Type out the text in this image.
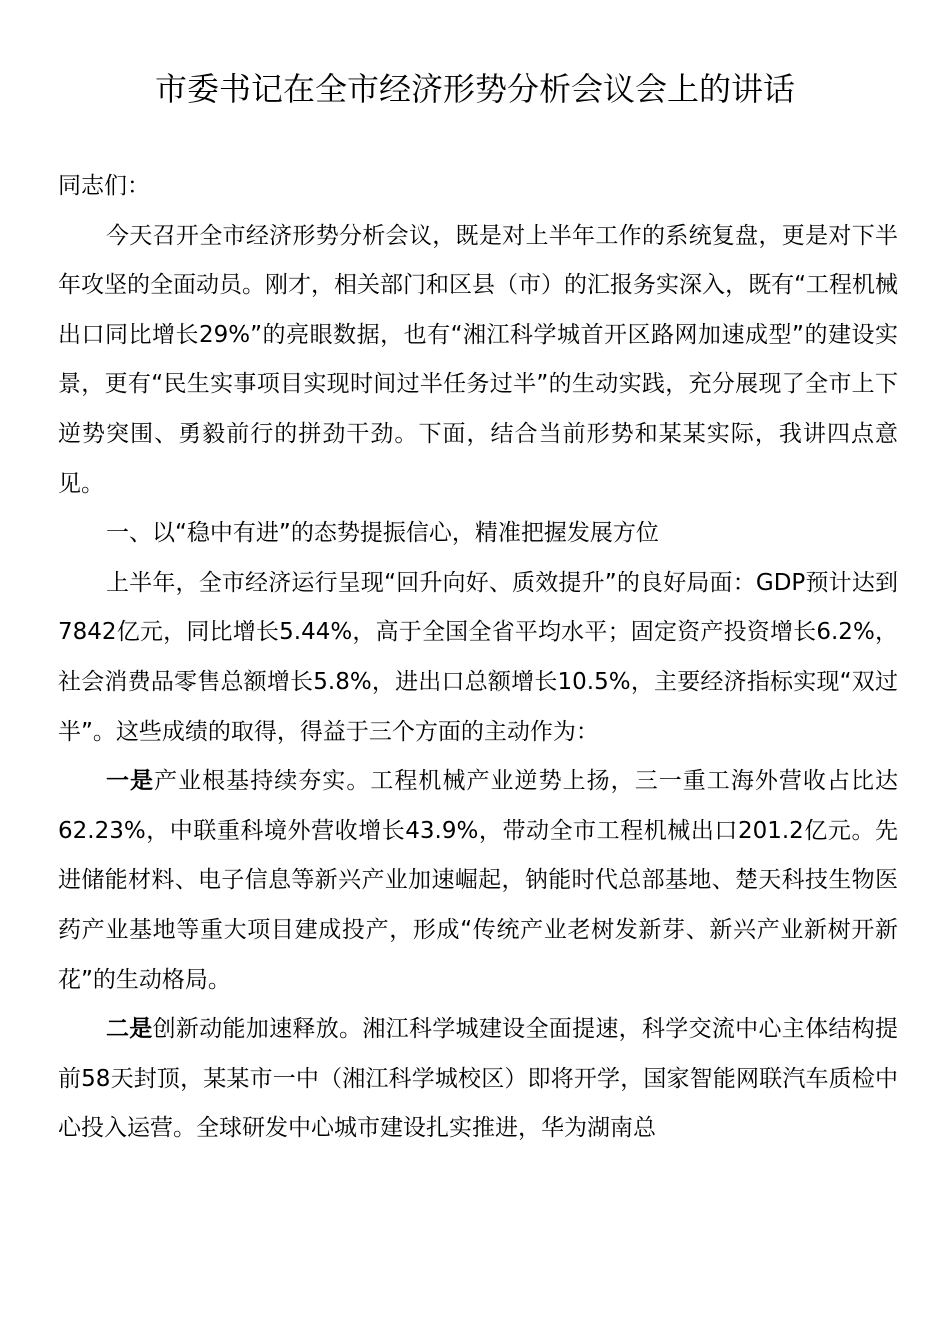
市委书记在全市经济形势分析会议会上的讲话

同志们：

今天召开全市经济形势分析会议，既是对上半年工作的系统复盘，更是对下半年攻坚的全面动员。刚才，相关部门和区县（市）的汇报务实深入，既有“工程机械出口同比增长29%”的亮眼数据，也有“湘江科学城首开区路网加速成型”的建设实景，更有“民生实事项目实现时间过半任务过半”的生动实践，充分展现了全市上下逆势突围、勇毅前行的拼劲干劲。下面，结合当前形势和某某实际，我讲四点意见。

一、以“稳中有进”的态势提振信心，精准把握发展方位

上半年，全市经济运行呈现“回升向好、质效提升”的良好局面：GDP预计达到7842亿元，同比增长5.44%，高于全国全省平均水平；固定资产投资增长6.2%，社会消费品零售总额增长5.8%，进出口总额增长10.5%，主要经济指标实现“双过半”。这些成绩的取得，得益于三个方面的主动作为：

一是产业根基持续夯实。工程机械产业逆势上扬，三一重工海外营收占比达62.23%，中联重科境外营收增长43.9%，带动全市工程机械出口201.2亿元。先进储能材料、电子信息等新兴产业加速崛起，钠能时代总部基地、楚天科技生物医药产业基地等重大项目建成投产，形成“传统产业老树发新芽、新兴产业新树开新花”的生动格局。

二是创新动能加速释放。湘江科学城建设全面提速，科学交流中心主体结构提前58天封顶，某某市一中（湘江科学城校区）即将开学，国家智能网联汽车质检中心投入运营。全球研发中心城市建设扎实推进，华为湖南总
